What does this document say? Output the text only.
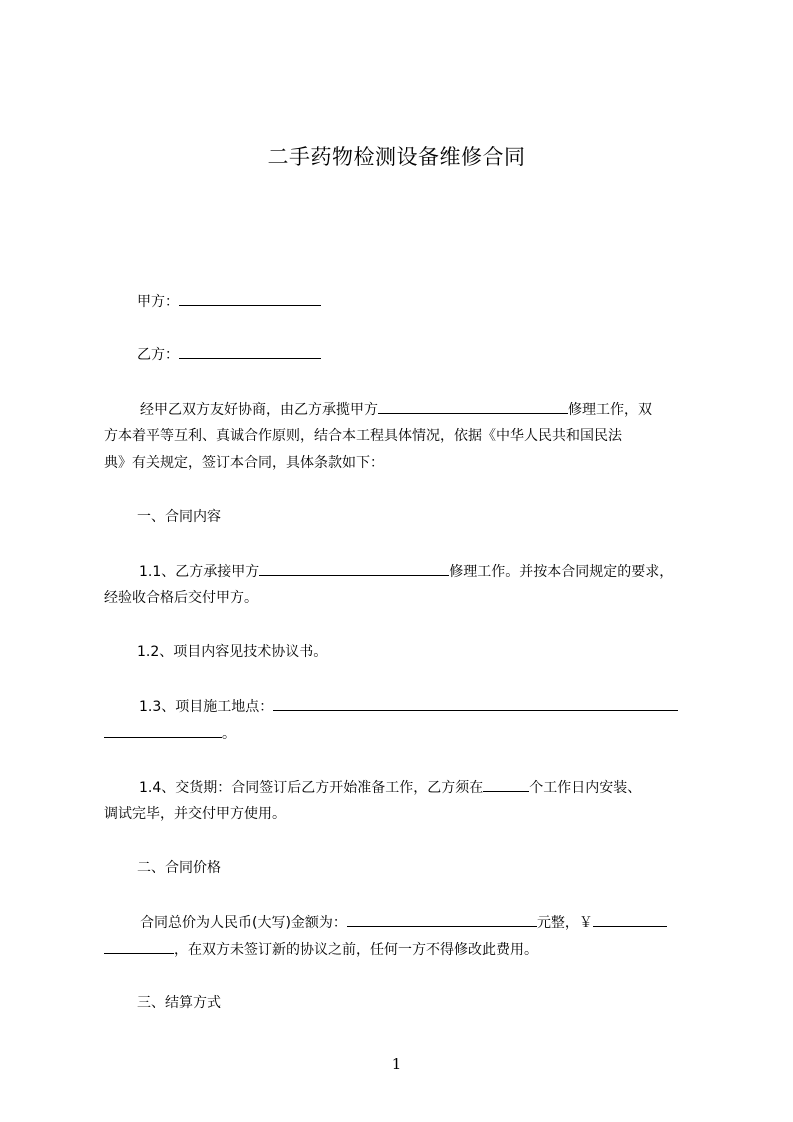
二手药物检测设备维修合同
甲方：
乙方：
经甲乙双方友好协商，由乙方承揽甲方	修理工作，双
方本着平等互利、真诚合作原则，结合本工程具体情况，依据《中华人民共和国民法
典》有关规定，签订本合同，具体条款如下：
一、合同内容
1.1、乙方承接甲方	修理工作。并按本合同规定的要求，
经验收合格后交付甲方。
1.2、项目内容见技术协议书。
1.3、项目施工地点：
。
1.4、交货期：合同签订后乙方开始准备工作，乙方须在	个工作日内安装、
调试完毕，并交付甲方使用。
二、合同价格
合同总价为人民币(大写)金额为：	元整，￥
，在双方未签订新的协议之前，任何一方不得修改此费用。
三、结算方式
1
